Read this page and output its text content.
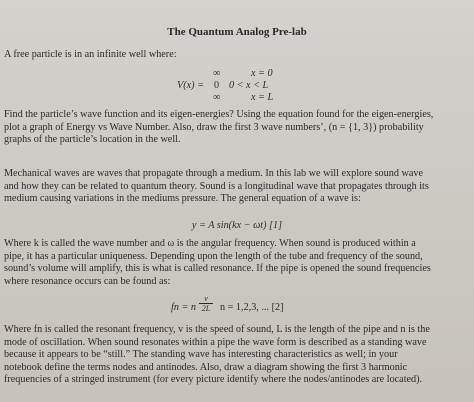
The Quantum Analog Pre-lab
A free particle is in an infinite well where:
V(x) =
∞
0
∞
x = 0
0 < x < L
x = L
Find the particle’s wave function and its eigen-energies? Using the equation found for the eigen-energies,
plot a graph of Energy vs Wave Number. Also, draw the first 3 wave numbers’, (n = {1, 3}) probability
graphs of the particle’s location in the well.
Mechanical waves are waves that propagate through a medium. In this lab we will explore sound wave
and how they can be related to quantum theory. Sound is a longitudinal wave that propagates through its
medium causing variations in the mediums pressure. The general equation of a wave is:
y = A sin(kx − ωt) [1]
Where k is called the wave number and ω is the angular frequency. When sound is produced within a
pipe, it has a particular uniqueness. Depending upon the length of the tube and frequency of the sound,
sound’s volume will amplify, this is what is called resonance. If the pipe is opened the sound frequencies
where resonance occurs can be found as:
fn = n
v
2L n = 1,2,3, ... [2]
Where fn is called the resonant frequency, v is the speed of sound, L is the length of the pipe and n is the
mode of oscillation. When sound resonates within a pipe the wave form is described as a standing wave
because it appears to be “still.” The standing wave has interesting characteristics as well; in your
notebook define the terms nodes and antinodes. Also, draw a diagram showing the first 3 harmonic
frequencies of a stringed instrument (for every picture identify where the nodes/antinodes are located).
